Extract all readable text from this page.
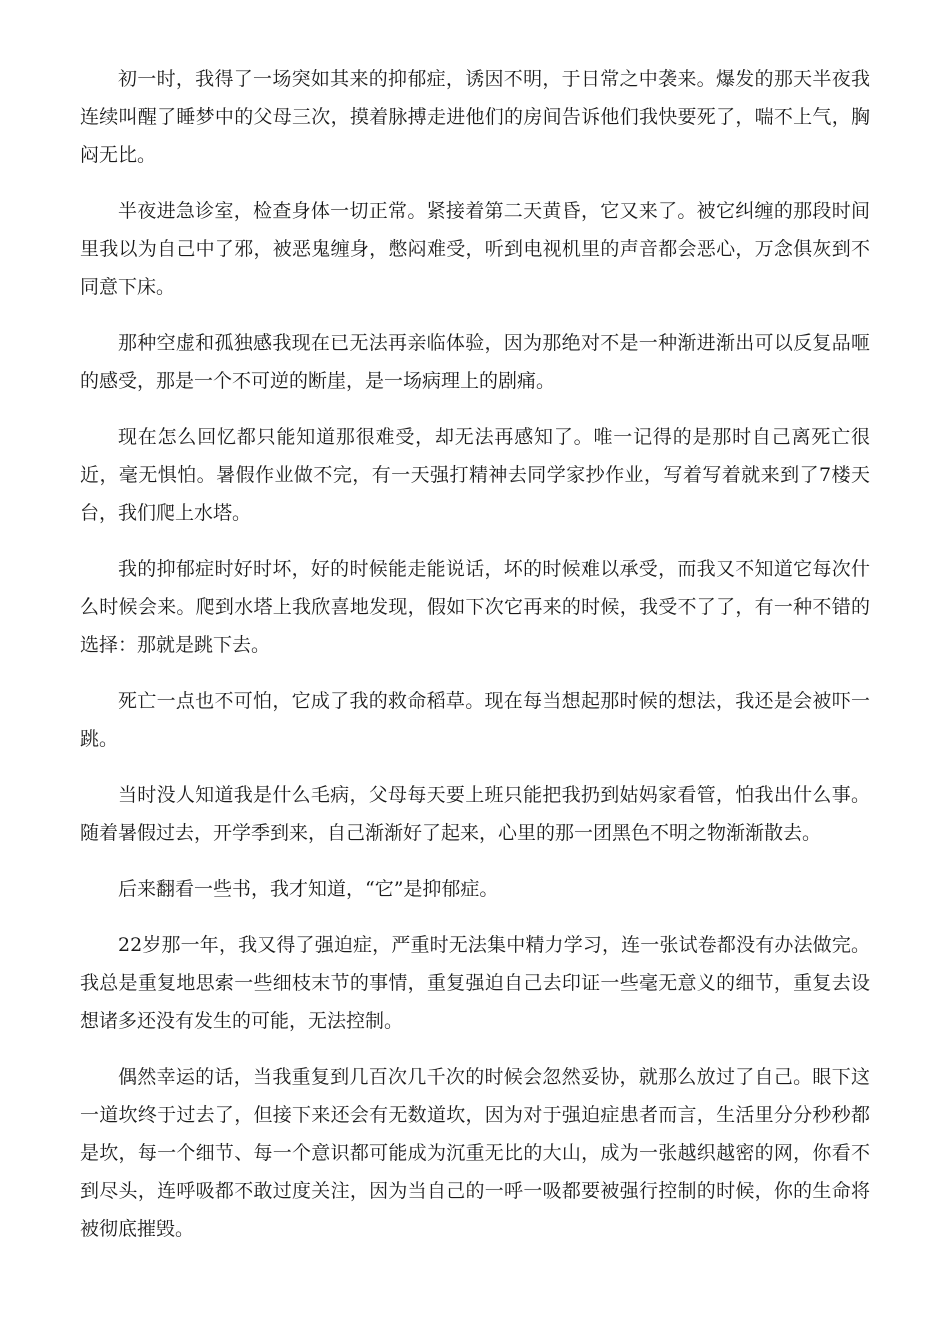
初一时，我得了一场突如其来的抑郁症，诱因不明，于日常之中袭来。爆发的那天半夜我连续叫醒了睡梦中的父母三次，摸着脉搏走进他们的房间告诉他们我快要死了，喘不上气，胸闷无比。

半夜进急诊室，检查身体一切正常。紧接着第二天黄昏，它又来了。被它纠缠的那段时间里我以为自己中了邪，被恶鬼缠身，憋闷难受，听到电视机里的声音都会恶心，万念俱灰到不同意下床。

那种空虚和孤独感我现在已无法再亲临体验，因为那绝对不是一种渐进渐出可以反复品咂的感受，那是一个不可逆的断崖，是一场病理上的剧痛。

现在怎么回忆都只能知道那很难受，却无法再感知了。唯一记得的是那时自己离死亡很近，毫无惧怕。暑假作业做不完，有一天强打精神去同学家抄作业，写着写着就来到了7楼天台，我们爬上水塔。

我的抑郁症时好时坏，好的时候能走能说话，坏的时候难以承受，而我又不知道它每次什么时候会来。爬到水塔上我欣喜地发现，假如下次它再来的时候，我受不了了，有一种不错的选择：那就是跳下去。

死亡一点也不可怕，它成了我的救命稻草。现在每当想起那时候的想法，我还是会被吓一跳。

当时没人知道我是什么毛病，父母每天要上班只能把我扔到姑妈家看管，怕我出什么事。随着暑假过去，开学季到来，自己渐渐好了起来，心里的那一团黑色不明之物渐渐散去。

后来翻看一些书，我才知道，“它”是抑郁症。

22岁那一年，我又得了强迫症，严重时无法集中精力学习，连一张试卷都没有办法做完。我总是重复地思索一些细枝末节的事情，重复强迫自己去印证一些毫无意义的细节，重复去设想诸多还没有发生的可能，无法控制。

偶然幸运的话，当我重复到几百次几千次的时候会忽然妥协，就那么放过了自己。眼下这一道坎终于过去了，但接下来还会有无数道坎，因为对于强迫症患者而言，生活里分分秒秒都是坎，每一个细节、每一个意识都可能成为沉重无比的大山，成为一张越织越密的网，你看不到尽头，连呼吸都不敢过度关注，因为当自己的一呼一吸都要被强行控制的时候，你的生命将被彻底摧毁。
